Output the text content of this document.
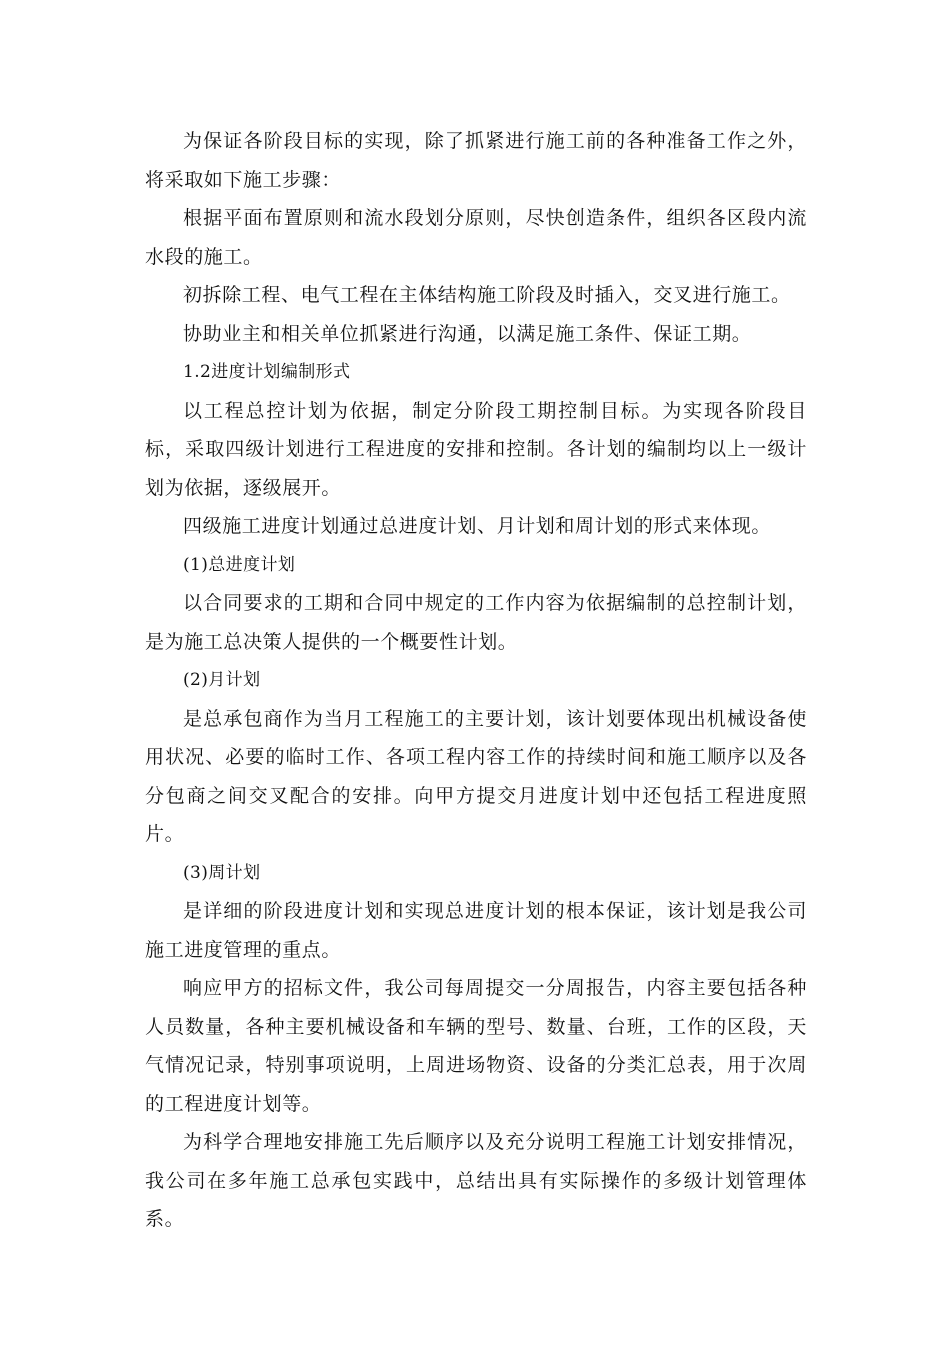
为保证各阶段目标的实现，除了抓紧进行施工前的各种准备工作之外，将采取如下施工步骤：

根据平面布置原则和流水段划分原则，尽快创造条件，组织各区段内流水段的施工。

初拆除工程、电气工程在主体结构施工阶段及时插入，交叉进行施工。

协助业主和相关单位抓紧进行沟通，以满足施工条件、保证工期。

1.2进度计划编制形式

以工程总控计划为依据，制定分阶段工期控制目标。为实现各阶段目标，采取四级计划进行工程进度的安排和控制。各计划的编制均以上一级计划为依据，逐级展开。

四级施工进度计划通过总进度计划、月计划和周计划的形式来体现。

(1)总进度计划

以合同要求的工期和合同中规定的工作内容为依据编制的总控制计划，是为施工总决策人提供的一个概要性计划。

(2)月计划

是总承包商作为当月工程施工的主要计划，该计划要体现出机械设备使用状况、必要的临时工作、各项工程内容工作的持续时间和施工顺序以及各分包商之间交叉配合的安排。向甲方提交月进度计划中还包括工程进度照片。

(3)周计划

是详细的阶段进度计划和实现总进度计划的根本保证，该计划是我公司施工进度管理的重点。

响应甲方的招标文件，我公司每周提交一分周报告，内容主要包括各种人员数量，各种主要机械设备和车辆的型号、数量、台班，工作的区段，天气情况记录，特别事项说明，上周进场物资、设备的分类汇总表，用于次周的工程进度计划等。

为科学合理地安排施工先后顺序以及充分说明工程施工计划安排情况，我公司在多年施工总承包实践中，总结出具有实际操作的多级计划管理体系。
